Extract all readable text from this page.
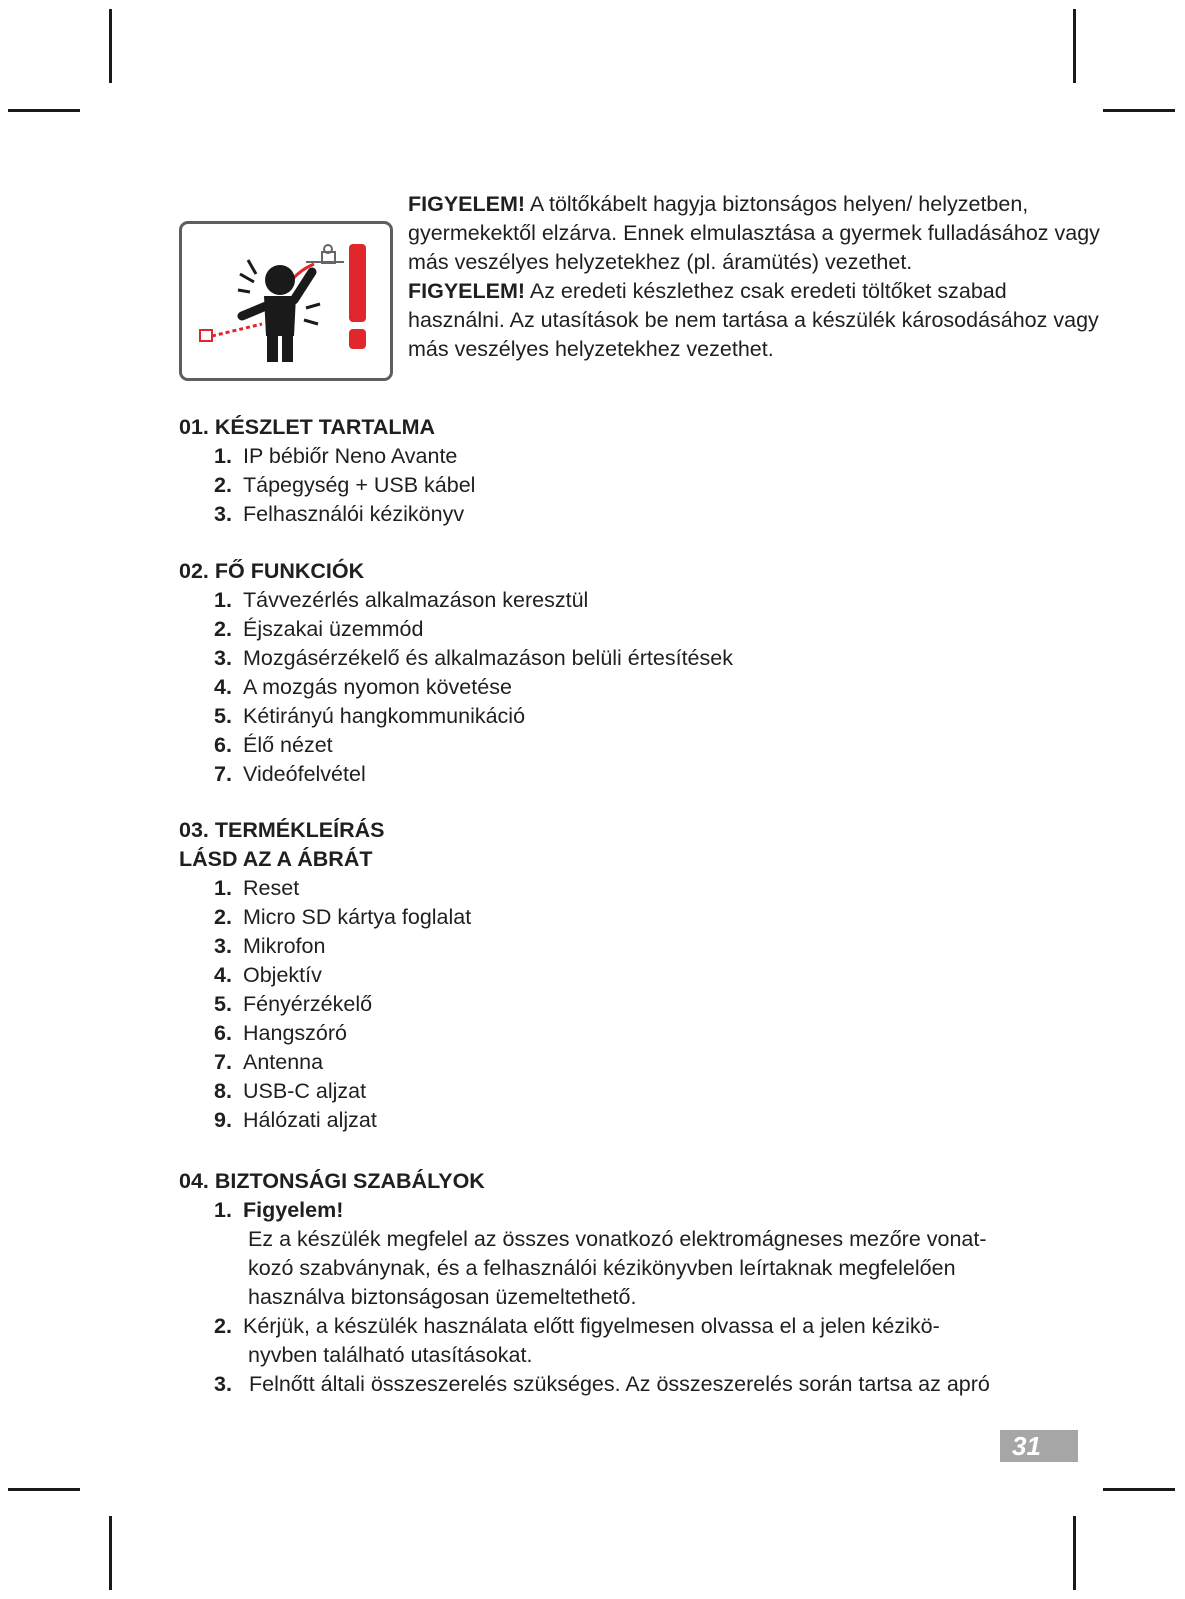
FIGYELEM! A töltőkábelt hagyja biztonságos helyen/ helyzetben, gyermekektől elzárva. Ennek elmulasztása a gyermek fulladásához vagy más veszélyes helyzetekhez (pl. áramütés) vezethet.

FIGYELEM! Az eredeti készlethez csak eredeti töltőket szabad használni. Az utasítások be nem tartása a készülék károsodásához vagy más veszélyes helyzetekhez vezethet.

01. KÉSZLET TARTALMA
1. IP bébiőr Neno Avante
2. Tápegység + USB kábel
3. Felhasználói kézikönyv
02. FŐ FUNKCIÓK
1. Távvezérlés alkalmazáson keresztül
2. Éjszakai üzemmód
3. Mozgásérzékelő és alkalmazáson belüli értesítések
4. A mozgás nyomon követése
5. Kétirányú hangkommunikáció
6. Élő nézet
7. Videófelvétel
03. TERMÉKLEÍRÁS
LÁSD AZ A ÁBRÁT
1. Reset
2. Micro SD kártya foglalat
3. Mikrofon
4. Objektív
5. Fényérzékelő
6. Hangszóró
7. Antenna
8. USB-C aljzat
9. Hálózati aljzat
04. BIZTONSÁGI SZABÁLYOK
1. Figyelem!
Ez a készülék megfelel az összes vonatkozó elektromágneses mezőre vonat-
kozó szabványnak, és a felhasználói kézikönyvben leírtaknak megfelelően
használva biztonságosan üzemeltethető.
2. Kérjük, a készülék használata előtt figyelmesen olvassa el a jelen kézikö-
nyvben található utasításokat.
3. Felnőtt általi összeszerelés szükséges. Az összeszerelés során tartsa az apró
31
